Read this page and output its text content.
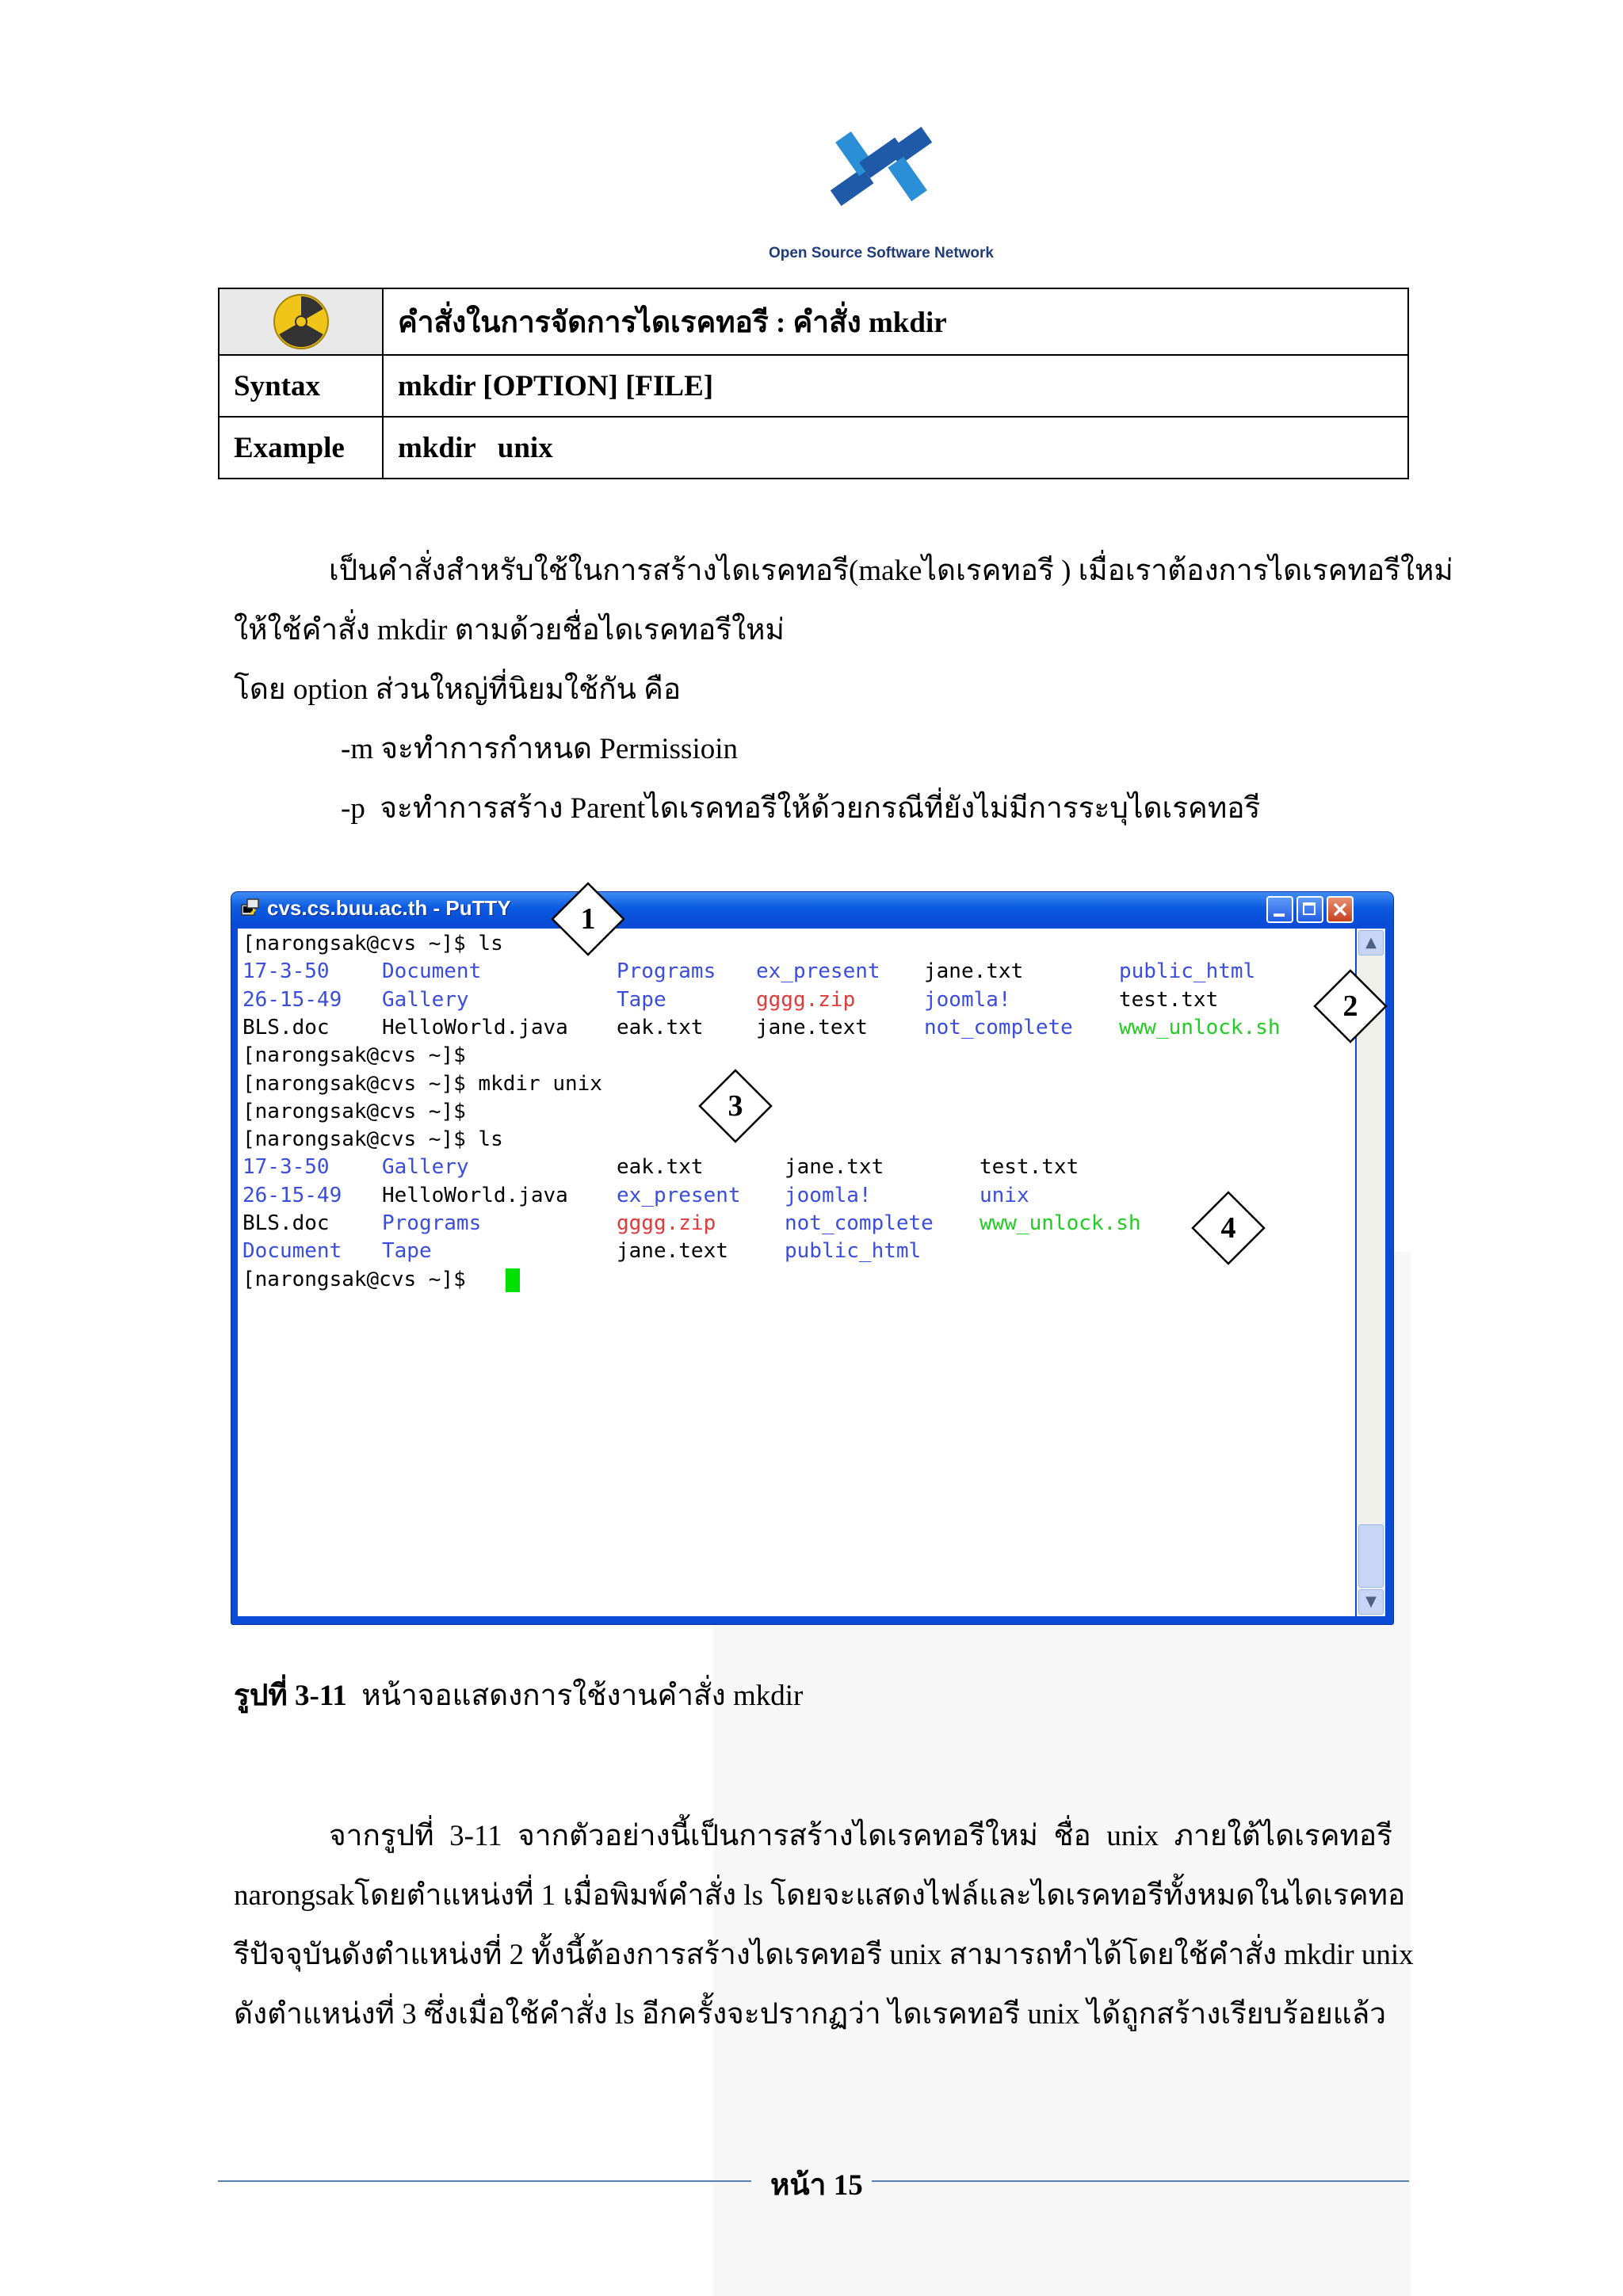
Open Source Software Network
	คำสั่งในการจัดการไดเรคทอรี : คำสั่ง mkdir
Syntax	mkdir [OPTION] [FILE]
Example	mkdir   unix
เป็นคำสั่งสำหรับใช้ในการสร้างไดเรคทอรี(makeไดเรคทอรี ) เมื่อเราต้องการไดเรคทอรีใหม่
ให้ใช้คำสั่ง mkdir ตามด้วยชื่อไดเรคทอรีใหม่
โดย option ส่วนใหญ่ที่นิยมใช้กัน คือ
-m จะทำการกำหนด Permissioin
-p  จะทำการสร้าง Parentไดเรคทอรีให้ด้วยกรณีที่ยังไม่มีการระบุไดเรคทอรี
cvs.cs.buu.ac.th - PuTTY
[narongsak@cvs ~]$ ls
17-3-50	Document	Programs ex_present jane.txt	public_html
26-15-49 Gallery	Tape	gggg.zip	joomla!	test.txt
BLS.doc	HelloWorld.java eak.txt	jane.text	not_complete www_unlock.sh
[narongsak@cvs ~]$
[narongsak@cvs ~]$ mkdir unix
[narongsak@cvs ~]$
[narongsak@cvs ~]$ ls
17-3-50	Gallery	eak.txt	jane.txt	test.txt
26-15-49 HelloWorld.java ex_present joomla!	unix
BLS.doc	Programs	gggg.zip	not_complete www_unlock.sh
Document Tape	jane.text	public_html
[narongsak@cvs ~]$
▲
▼
1
2
3
4
รูปที่ 3-11 หน้าจอแสดงการใช้งานคำสั่ง mkdir
จากรูปที่ 3-11 จากตัวอย่างนี้เป็นการสร้างไดเรคทอรีใหม่ ชื่อ unix ภายใต้ไดเรคทอรี
narongsakโดยตำแหน่งที่ 1 เมื่อพิมพ์คำสั่ง ls โดยจะแสดงไฟล์และไดเรคทอรีทั้งหมดในไดเรคทอ
รีปัจจุบันดังตำแหน่งที่ 2 ทั้งนี้ต้องการสร้างไดเรคทอรี unix สามารถทำได้โดยใช้คำสั่ง mkdir unix
ดังตำแหน่งที่ 3 ซึ่งเมื่อใช้คำสั่ง ls อีกครั้งจะปรากฏว่า ไดเรคทอรี unix ได้ถูกสร้างเรียบร้อยแล้ว
หน้า 15
